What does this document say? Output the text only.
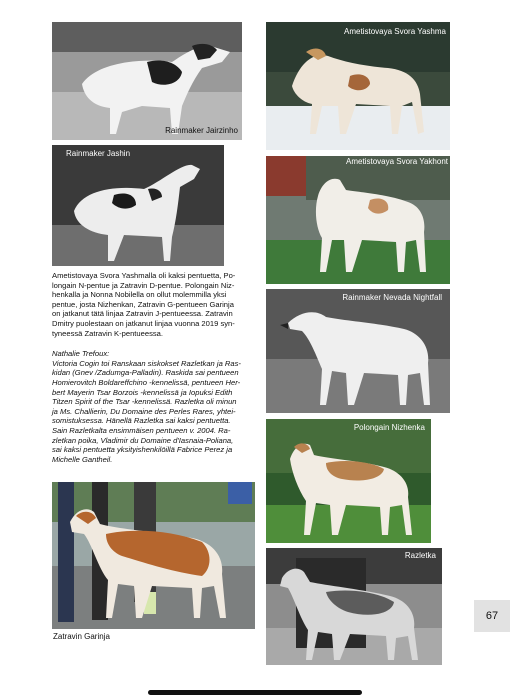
Rainmaker Jairzinho
Ametistovaya Svora Yashma
Rainmaker Jashin
Ametistovaya Svora Yakhont

Ametistovaya Svora Yashmalla oli kaksi pentuetta, Po-
longain N-pentue ja Zatravin D-pentue. Polongain Niz-
henkalla ja Nonna Nobilella on ollut molemmilla yksi
pentue, josta Nizhenkan, Zatravin G-pentueen Garinja
on jatkanut tätä linjaa Zatravin J-pentueessa. Zatravin
Dmitry puolestaan on jatkanut linjaa vuonna 2019 syn-
tyneessä Zatravin K-pentueessa.

Nathalie Trefoux:

Victoria Cogin toi Ranskaan siskokset Razletkan ja Ras-
kidan (Gnev /Zadumga-Palladin). Raskida sai pentueen
Homierovitch Boldareffchino -kennelissä, pentueen Her-
bert Mayerin Tsar Borzois -kennelissä ja Iopuksi Edith
Titzen Spirit of the Tsar -kennelissä. Razletka oli minun
ja Ms. Challierin, Du Domaine des Perles Rares, yhtei-
somistuksessa. Hänellä Razletka sai kaksi pentuetta.
Sain Razletkalta ensimmäisen pentueen v. 2004. Ra-
zletkan poika, Vladimir du Domaine d'Iasnaia-Poliana,
sai kaksi pentuetta yksityishenkilöillä Fabrice Perez ja
Michelle Gantheil.

Rainmaker Nevada Nightfall
Polongain Nizhenka
Zatravin Garinja
Razletka
67
